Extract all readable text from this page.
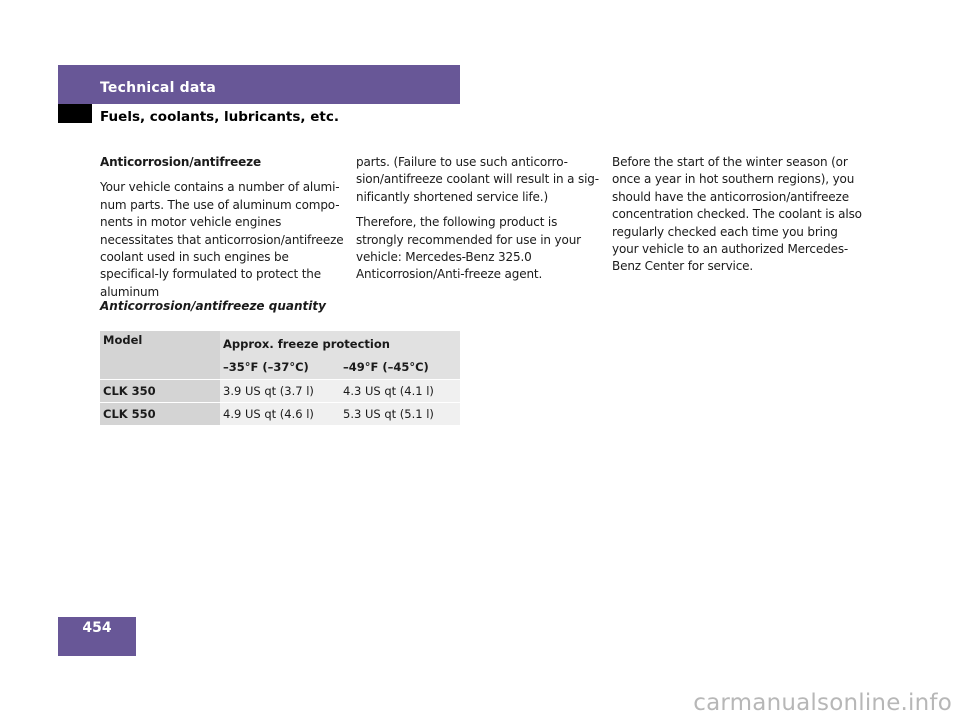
Technical data
Fuels, coolants, lubricants, etc.

Anticorrosion/antifreeze

Your vehicle contains a number of alumi-num parts. The use of aluminum compo-nents in motor vehicle engines necessitates that anticorrosion/antifreeze coolant used in such engines be specifical-ly formulated to protect the aluminum

parts. (Failure to use such anticorro-sion/antifreeze coolant will result in a sig-nificantly shortened service life.)

Therefore, the following product is strongly recommended for use in your vehicle: Mercedes-Benz 325.0 Anticorrosion/Anti-freeze agent.

Before the start of the winter season (or once a year in hot southern regions), you should have the anticorrosion/antifreeze concentration checked. The coolant is also regularly checked each time you bring your vehicle to an authorized Mercedes-Benz Center for service.

Anticorrosion/antifreeze quantity
Model	Approx. freeze protection	
	–35°F (–37°C)	–49°F (–45°C)
CLK 350	3.9 US qt (3.7 l)	4.3 US qt (4.1 l)
CLK 550	4.9 US qt (4.6 l)	5.3 US qt (5.1 l)
454
carmanualsonline.info
